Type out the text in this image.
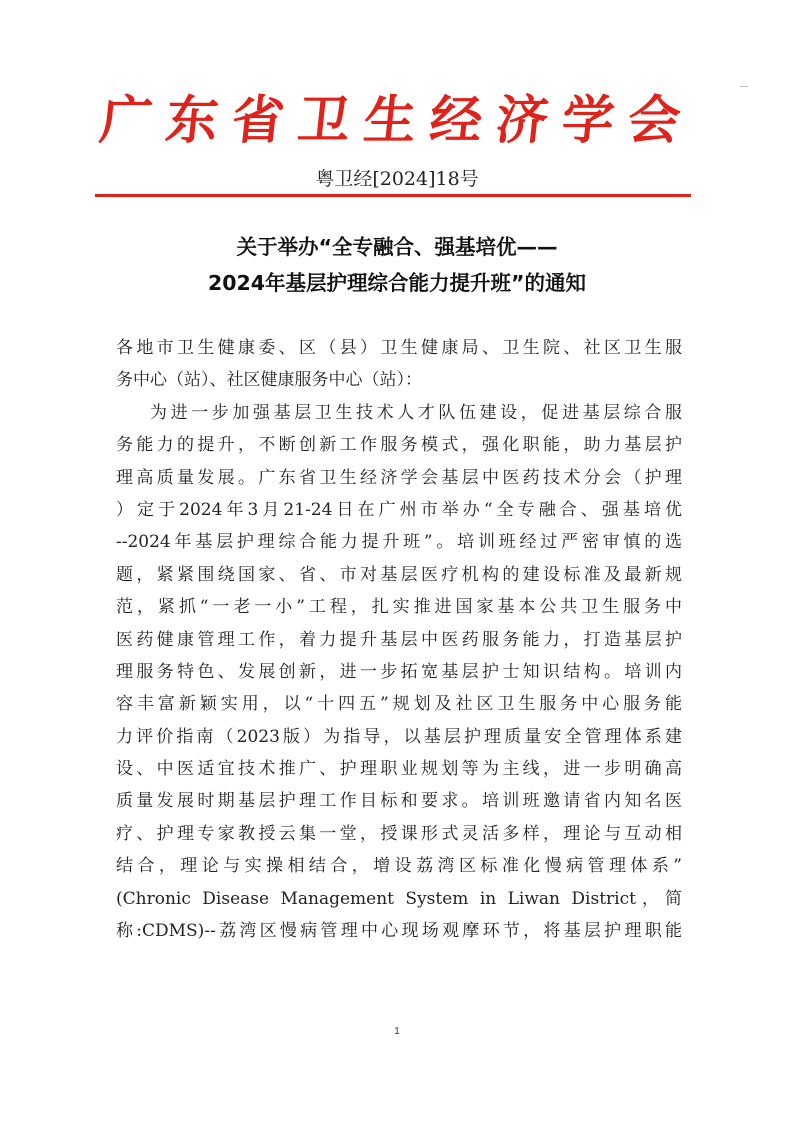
广东省卫生经济学会
粤卫经[2024]18号
关于举办“全专融合、强基培优——
2024年基层护理综合能力提升班”的通知
各地市卫生健康委、区（县）卫生健康局、卫生院、社区卫生服
务中心（站）、社区健康服务中心（站）：
为进一步加强基层卫生技术人才队伍建设，促进基层综合服
务能力的提升，不断创新工作服务模式，强化职能，助力基层护
理高质量发展。广东省卫生经济学会基层中医药技术分会（护理
）定于2024年3月21-24日在广州市举办“全专融合、强基培优
--2024年基层护理综合能力提升班”。培训班经过严密审慎的选
题，紧紧围绕国家、省、市对基层医疗机构的建设标准及最新规
范，紧抓“一老一小”工程，扎实推进国家基本公共卫生服务中
医药健康管理工作，着力提升基层中医药服务能力，打造基层护
理服务特色、发展创新，进一步拓宽基层护士知识结构。培训内
容丰富新颖实用，以“十四五”规划及社区卫生服务中心服务能
力评价指南（2023版）为指导，以基层护理质量安全管理体系建
设、中医适宜技术推广、护理职业规划等为主线，进一步明确高
质量发展时期基层护理工作目标和要求。培训班邀请省内知名医
疗、护理专家教授云集一堂，授课形式灵活多样，理论与互动相
结合，理论与实操相结合，增设荔湾区标准化慢病管理体系”
(Chronic Disease Management System in Liwan District，简
称:CDMS)--荔湾区慢病管理中心现场观摩环节，将基层护理职能
1
